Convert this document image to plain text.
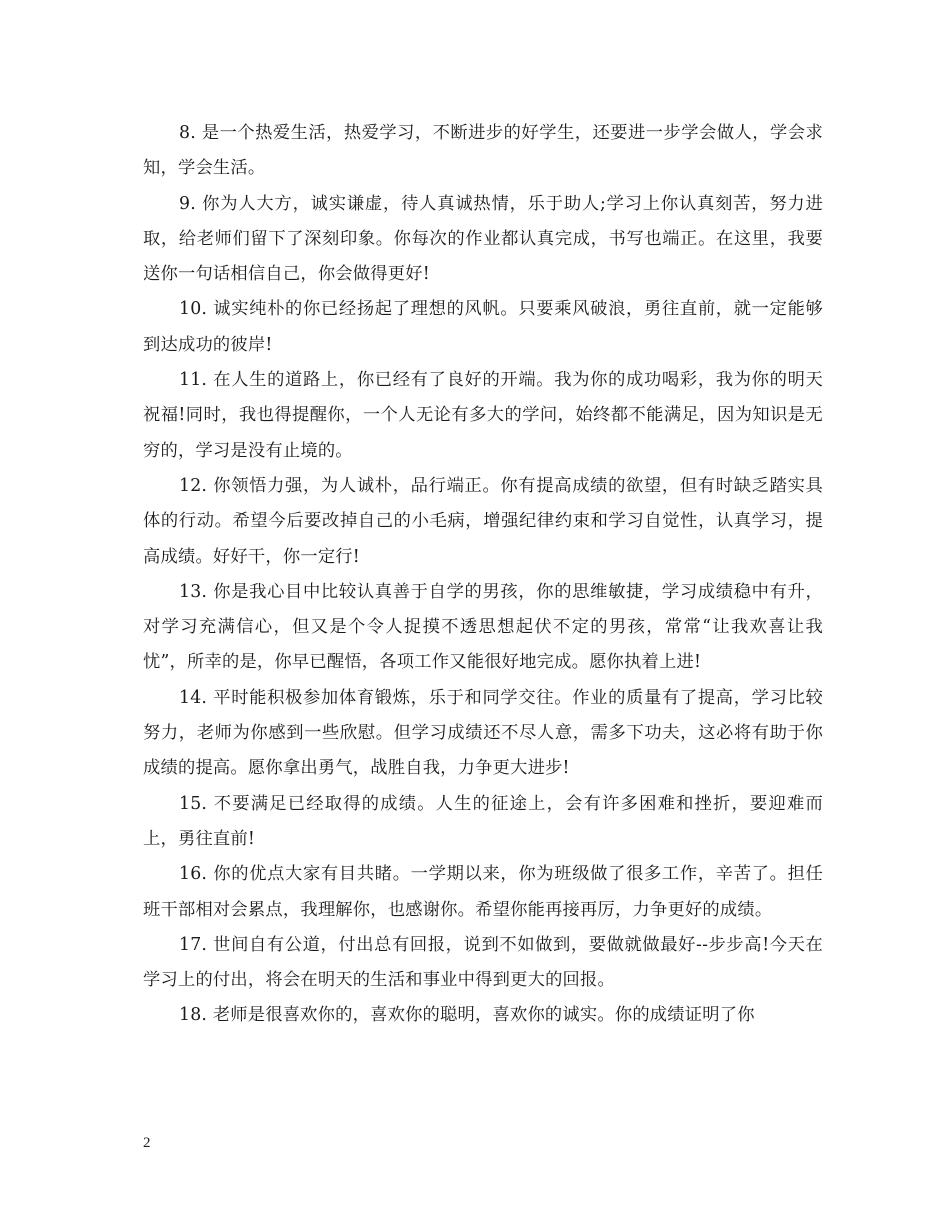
8. 是一个热爱生活，热爱学习，不断进步的好学生，还要进一步学会做人，学会求知，学会生活。

9. 你为人大方，诚实谦虚，待人真诚热情，乐于助人;学习上你认真刻苦，努力进取，给老师们留下了深刻印象。你每次的作业都认真完成，书写也端正。在这里，我要送你一句话相信自己，你会做得更好!

10. 诚实纯朴的你已经扬起了理想的风帆。只要乘风破浪，勇往直前，就一定能够到达成功的彼岸!

11. 在人生的道路上，你已经有了良好的开端。我为你的成功喝彩，我为你的明天祝福!同时，我也得提醒你，一个人无论有多大的学问，始终都不能满足，因为知识是无穷的，学习是没有止境的。

12. 你领悟力强，为人诚朴，品行端正。你有提高成绩的欲望，但有时缺乏踏实具体的行动。希望今后要改掉自己的小毛病，增强纪律约束和学习自觉性，认真学习，提高成绩。好好干，你一定行!

13. 你是我心目中比较认真善于自学的男孩，你的思维敏捷，学习成绩稳中有升，对学习充满信心，但又是个令人捉摸不透思想起伏不定的男孩，常常“让我欢喜让我忧”，所幸的是，你早已醒悟，各项工作又能很好地完成。愿你执着上进!

14. 平时能积极参加体育锻炼，乐于和同学交往。作业的质量有了提高，学习比较努力，老师为你感到一些欣慰。但学习成绩还不尽人意，需多下功夫，这必将有助于你成绩的提高。愿你拿出勇气，战胜自我，力争更大进步!

15. 不要满足已经取得的成绩。人生的征途上，会有许多困难和挫折，要迎难而上，勇往直前!

16. 你的优点大家有目共睹。一学期以来，你为班级做了很多工作，辛苦了。担任班干部相对会累点，我理解你，也感谢你。希望你能再接再厉，力争更好的成绩。

17. 世间自有公道，付出总有回报，说到不如做到，要做就做最好--步步高!今天在学习上的付出，将会在明天的生活和事业中得到更大的回报。

18. 老师是很喜欢你的，喜欢你的聪明，喜欢你的诚实。你的成绩证明了你

2
